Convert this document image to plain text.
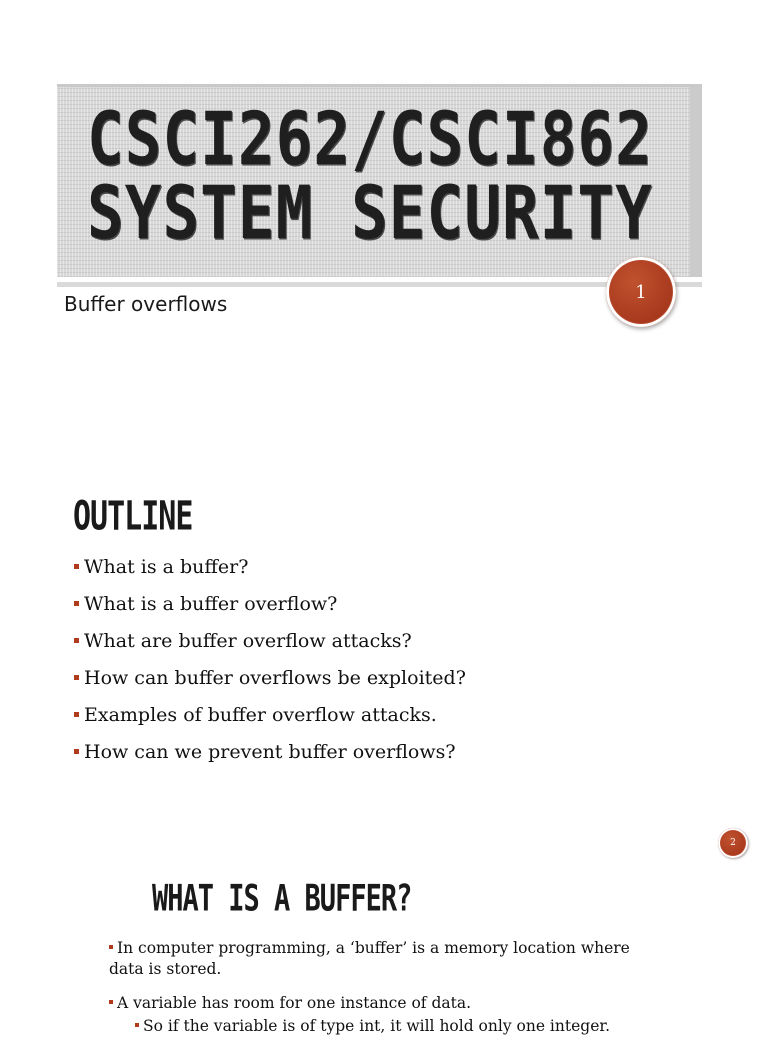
CSCI262/CSCI862
SYSTEM SECURITY

Buffer overflows	1
OUTLINE
What is a buffer?
What is a buffer overflow?
What are buffer overflow attacks?
How can buffer overflows be exploited?
Examples of buffer overflow attacks.
How can we prevent buffer overflows?
2
WHAT IS A BUFFER?

In computer programming, a ‘buffer’ is a memory location where data is stored.

A variable has room for one instance of data.

So if the variable is of type int, it will hold only one integer.
